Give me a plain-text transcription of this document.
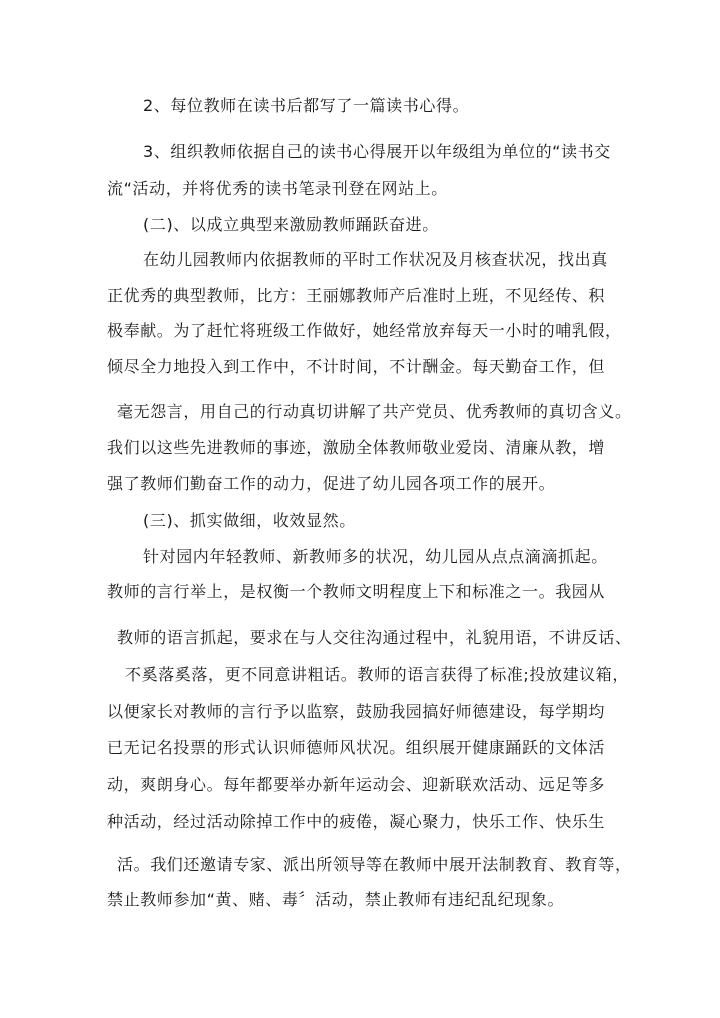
2、每位教师在读书后都写了一篇读书心得。
3、组织教师依据自己的读书心得展开以年级组为单位的“读书交
流“活动，并将优秀的读书笔录刊登在网站上。
(二)、以成立典型来激励教师踊跃奋进。
在幼儿园教师内依据教师的平时工作状况及月核查状况，找出真
正优秀的典型教师，比方：王丽娜教师产后准时上班，不见经传、积
极奉献。为了赶忙将班级工作做好，她经常放弃每天一小时的哺乳假，
倾尽全力地投入到工作中，不计时间，不计酬金。每天勤奋工作，但
毫无怨言，用自己的行动真切讲解了共产党员、优秀教师的真切含义。
我们以这些先进教师的事迹，激励全体教师敬业爱岗、清廉从教，增
强了教师们勤奋工作的动力，促进了幼儿园各项工作的展开。
(三)、抓实做细，收效显然。
针对园内年轻教师、新教师多的状况，幼儿园从点点滴滴抓起。
教师的言行举上，是权衡一个教师文明程度上下和标准之一。我园从
教师的语言抓起，要求在与人交往沟通过程中，礼貌用语，不讲反话、
不奚落奚落，更不同意讲粗话。教师的语言获得了标准;投放建议箱，
以便家长对教师的言行予以监察，鼓励我园搞好师德建设，每学期均
已无记名投票的形式认识师德师风状况。组织展开健康踊跃的文体活
动，爽朗身心。每年都要举办新年运动会、迎新联欢活动、远足等多
种活动，经过活动除掉工作中的疲倦，凝心聚力，快乐工作、快乐生
活。我们还邀请专家、派出所领导等在教师中展开法制教育、教育等，
禁止教师参加“黄、赌、毒〞活动，禁止教师有违纪乱纪现象。
